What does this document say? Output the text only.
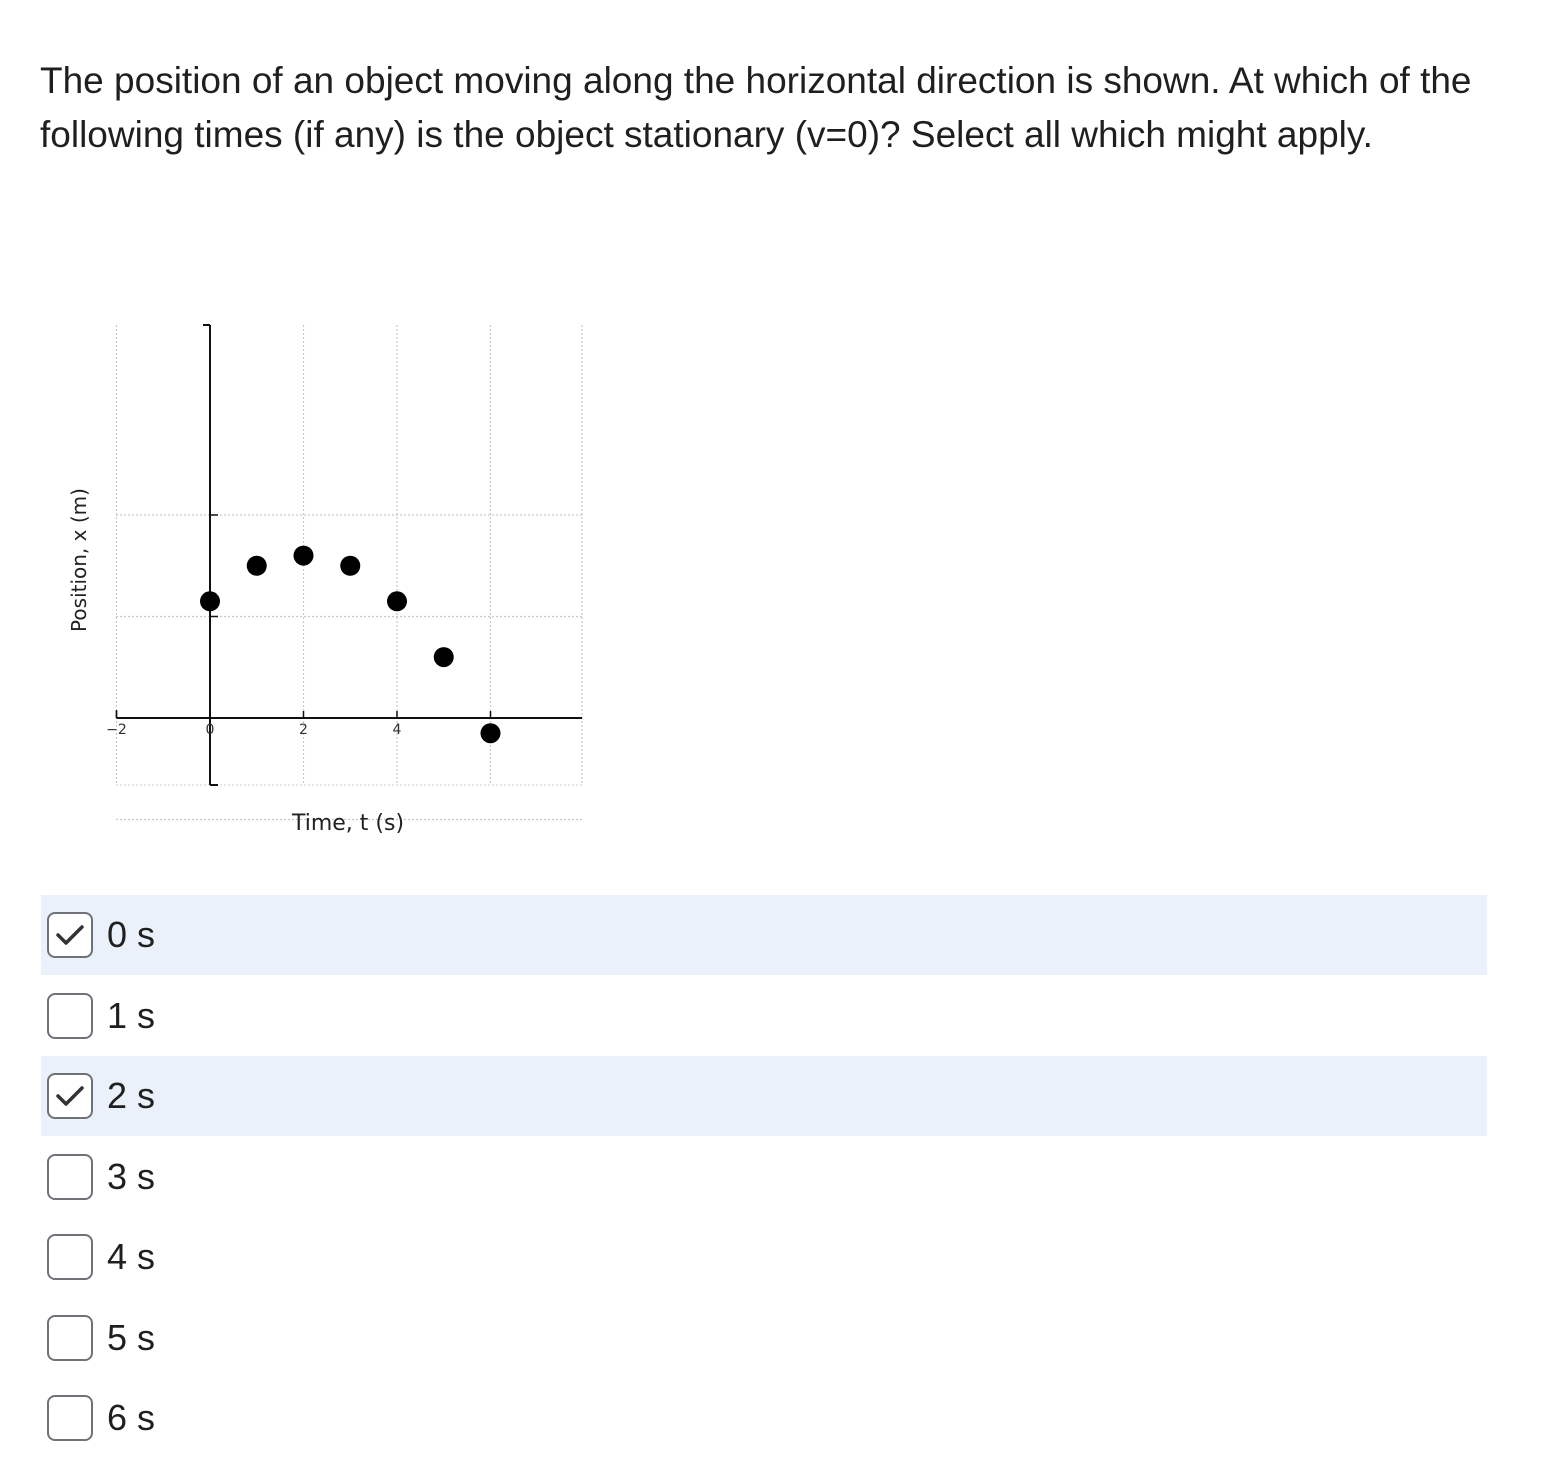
The position of an object moving along the horizontal direction is shown. At which of the following times (if any) is the object stationary (v=0)? Select all which might apply.

−2	0	2	4
Position, x (m)
Time, t (s)
0 s
1 s
2 s
3 s
4 s
5 s
6 s
